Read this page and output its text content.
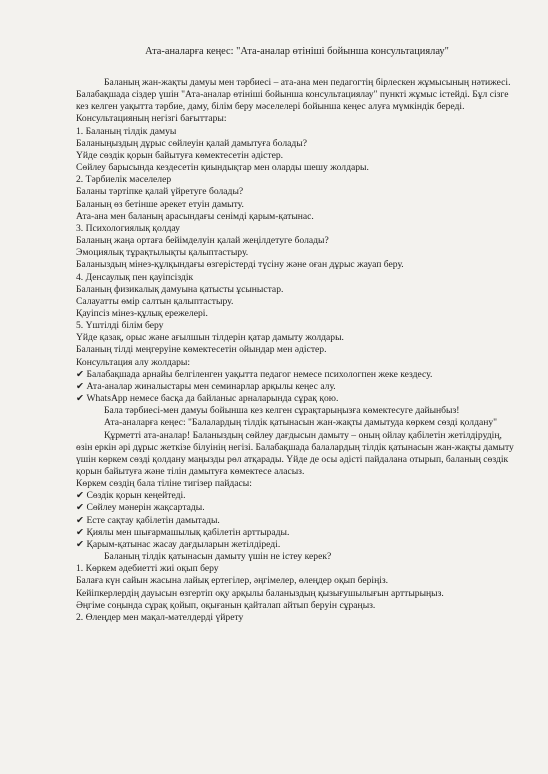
Ата-аналарға кеңес: "Ата-аналар өтініші бойынша консультациялау"
Баланың жан-жақты дамуы мен тәрбиесі – ата-ана мен педагогтің бірлескен жұмысының нәтижесі. Балабақшада сіздер үшін "Ата-аналар өтініші бойынша консультациялау" пункті жұмыс істейді. Бұл сізге кез келген уақытта тәрбие, даму, білім беру мәселелері бойынша кеңес алуға мүмкіндік береді.
Консультацияның негізгі бағыттары:
1. Баланың тілдік дамуы
Баланыңыздың дұрыс сөйлеуін қалай дамытуға болады?
Үйде сөздік қорын байытуға көмектесетін әдістер.
Сөйлеу барысында кездесетін қиындықтар мен оларды шешу жолдары.
2. Тәрбиелік мәселелер
Баланы тәртіпке қалай үйретуге болады?
Баланың өз бетінше әрекет етуін дамыту.
Ата-ана мен баланың арасындағы сенімді қарым-қатынас.
3. Психологиялық қолдау
Баланың жаңа ортаға бейімделуін қалай жеңілдетуге болады?
Эмоциялық тұрақтылықты қалыптастыру.
Баланыздың мінез-құлқындағы өзгерістерді түсіну және оған дұрыс жауап беру.
4. Денсаулық пен қауіпсіздік
Баланың физикалық дамуына қатысты ұсыныстар.
Салауатты өмір салтын қалыптастыру.
Қауіпсіз мінез-құлық ережелері.
5. Үштілді білім беру
Үйде қазақ, орыс және ағылшын тілдерін қатар дамыту жолдары.
Баланың тілді меңгеруіне көмектесетін ойындар мен әдістер.
Консультация алу жолдары:
✔ Балабақшада арнайы белгіленген уақытта педагог немесе психологпен жеке кездесу.
✔ Ата-аналар жиналыстары мен семинарлар арқылы кеңес алу.
✔ WhatsApp немесе басқа да байланыс арналарында сұрақ қою.
Бала тәрбиесі-мен дамуы бойынша кез келген сұрақтарыңызға көмектесуге дайынбыз!
Ата-аналарға кеңес: "Балалардың тілдік қатынасын жан-жақты дамытуда көркем сөзді қолдану"
Құрметті ата-аналар! Баланыздың сөйлеу дағдысын дамыту – оның ойлау қабілетін жетілдірудің, өзін еркін әрі дұрыс жеткізе білуінің негізі. Балабақшада балалардың тілдік қатынасын жан-жақты дамыту үшін көркем сөзді қолдану маңызды рөл атқарады. Үйде де осы әдісті пайдалана отырып, баланың сөздік қорын байытуға және тілін дамытуға көмектесе аласыз.
Көркем сөздің бала тіліне тигізер пайдасы:
✔ Сөздік қорын кеңейтеді.
✔ Сөйлеу мәнерін жақсартады.
✔ Есте сақтау қабілетін дамытады.
✔ Қиялы мен шығармашылық қабілетін арттырады.
✔ Қарым-қатынас жасау дағдыларын жетілдіреді.
Баланың тілдік қатынасын дамыту үшін не істеу керек?
1. Көркем әдебиетті жиі оқып беру
Балаға күн сайын жасына лайық ертегілер, әңгімелер, өлеңдер оқып беріңіз.
Кейіпкерлердің дауысын өзгертіп оқу арқылы баланыздың қызығушылығын арттырыңыз.
Әңгіме соңында сұрақ қойып, оқығанын қайталап айтып беруін сұраңыз.
2. Өлеңдер мен мақал-мәтелдерді үйрету
